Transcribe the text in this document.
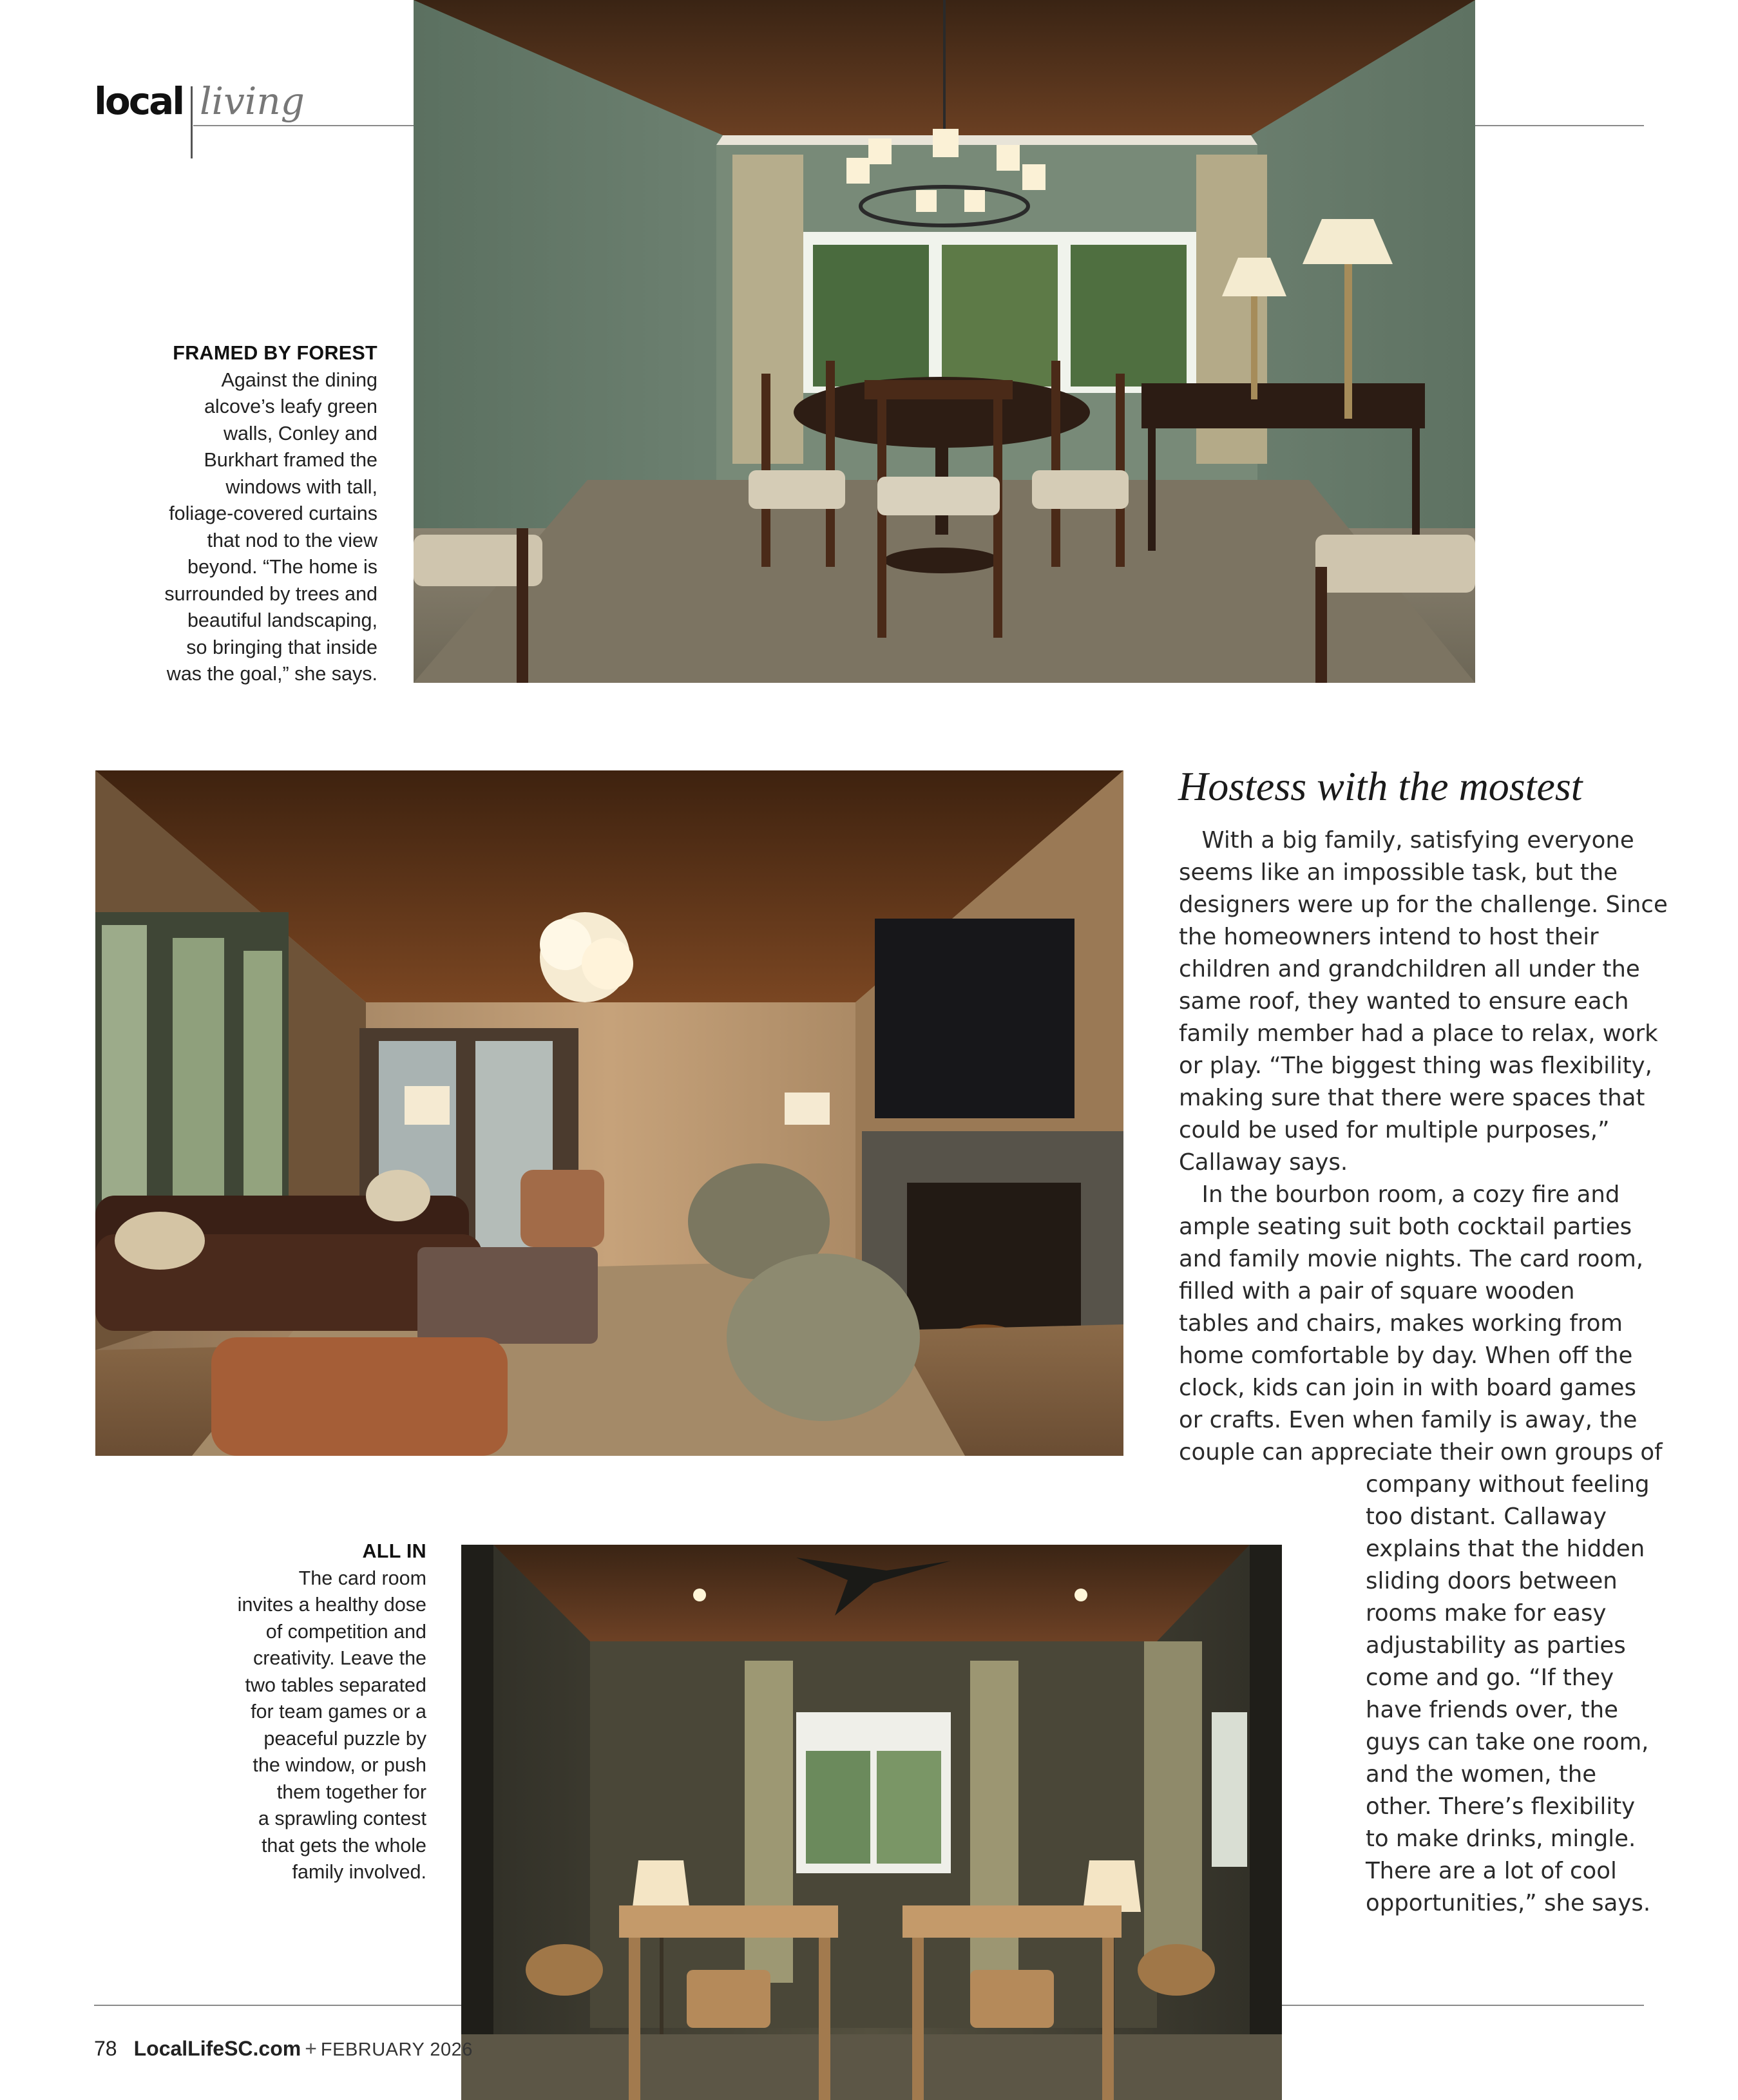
local living
FRAMED BY FOREST
Against the dining
alcove’s leafy green
walls, Conley and
Burkhart framed the
windows with tall,
foliage-covered curtains
that nod to the view
beyond. “The home is
surrounded by trees and
beautiful landscaping,
so bringing that inside
was the goal,” she says.
Hostess with the mostest
 With a big family, satisfying everyone
seems like an impossible task, but the
designers were up for the challenge. Since
the homeowners intend to host their
children and grandchildren all under the
same roof, they wanted to ensure each
family member had a place to relax, work
or play. “The biggest thing was flexibility,
making sure that there were spaces that
could be used for multiple purposes,”
Callaway says.
 In the bourbon room, a cozy fire and
ample seating suit both cocktail parties
and family movie nights. The card room,
filled with a pair of square wooden
tables and chairs, makes working from
home comfortable by day. When off the
clock, kids can join in with board games
or crafts. Even when family is away, the
couple can appreciate their own groups of
company without feeling
too distant. Callaway
explains that the hidden
sliding doors between
rooms make for easy
adjustability as parties
come and go. “If they
have friends over, the
guys can take one room,
and the women, the
other. There’s flexibility
to make drinks, mingle.
There are a lot of cool
opportunities,” she says.
ALL IN
The card room
invites a healthy dose
of competition and
creativity. Leave the
two tables separated
for team games or a
peaceful puzzle by
the window, or push
them together for
a sprawling contest
that gets the whole
family involved.
78 LocalLifeSC.com + FEBRUARY 2026
